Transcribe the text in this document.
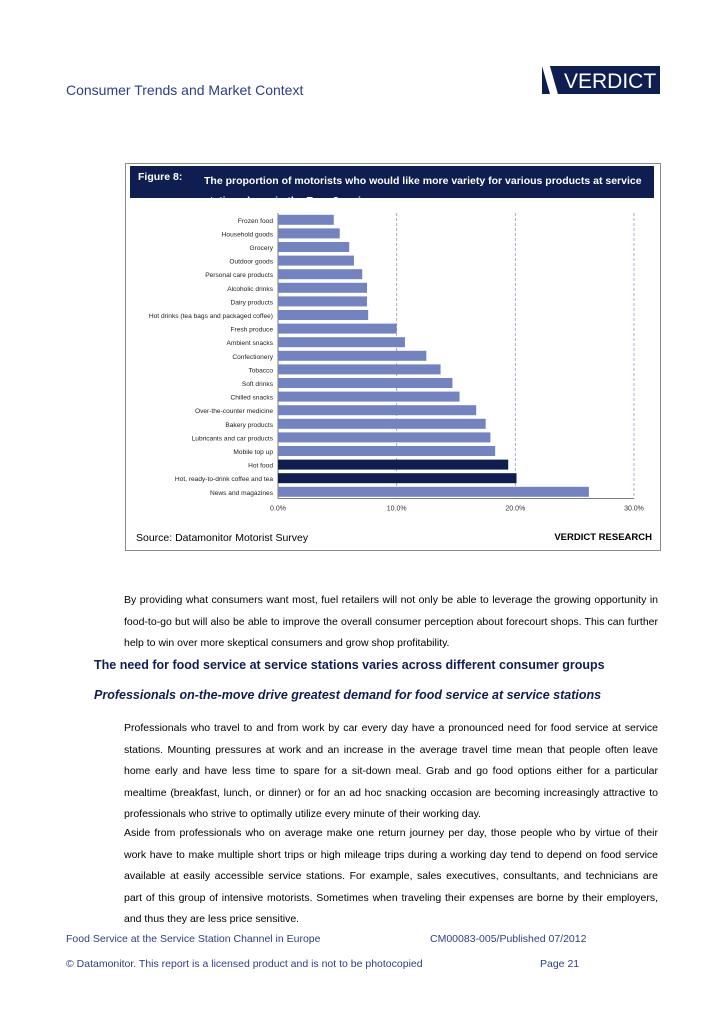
Consumer Trends and Market Context	VERDICT
Figure 8: The proportion of motorists who would like more variety for various products at service station shops in the Euro 8 region
Source: Datamonitor Motorist Survey	VERDICT RESEARCH
0.0%	10.0%	20.0%	30.0%
Frozen food
Household goods
Grocery
Outdoor goods
Personal care products
Alcoholic drinks
Dairy products
Hot drinks (tea bags and packaged coffee)
Fresh produce
Ambient snacks
Confectionery
Tobacco
Soft drinks
Chilled snacks
Over-the-counter medicine
Bakery products
Lubricants and car products
Mobile top up
Hot food
Hot, ready-to-drink coffee and tea
News and magazines

By providing what consumers want most, fuel retailers will not only be able to leverage the growing opportunity in food-to-go but will also be able to improve the overall consumer perception about forecourt shops. This can further help to win over more skeptical consumers and grow shop profitability.

The need for food service at service stations varies across different consumer groups

Professionals on-the-move drive greatest demand for food service at service stations

Professionals who travel to and from work by car every day have a pronounced need for food service at service stations. Mounting pressures at work and an increase in the average travel time mean that people often leave home early and have less time to spare for a sit-down meal. Grab and go food options either for a particular mealtime (breakfast, lunch, or dinner) or for an ad hoc snacking occasion are becoming increasingly attractive to professionals who strive to optimally utilize every minute of their working day.

Aside from professionals who on average make one return journey per day, those people who by virtue of their work have to make multiple short trips or high mileage trips during a working day tend to depend on food service available at easily accessible service stations. For example, sales executives, consultants, and technicians are part of this group of intensive motorists. Sometimes when traveling their expenses are borne by their employers, and thus they are less price sensitive.

Food Service at the Service Station Channel in Europe	CM00083-005/Published 07/2012
© Datamonitor. This report is a licensed product and is not to be photocopied	Page 21
